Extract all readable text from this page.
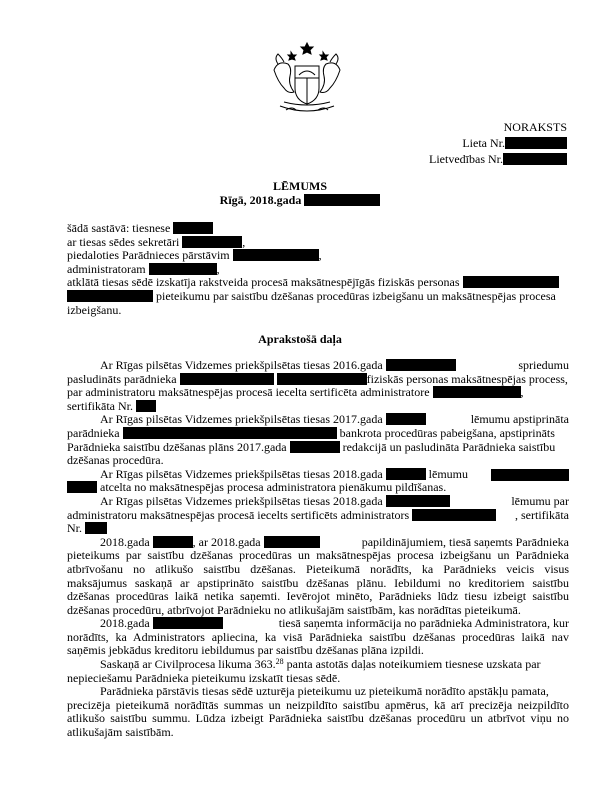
NORAKSTS
Lieta Nr.
Lietvedības Nr.
LĒMUMS
Rīgā, 2018.gada
šādā sastāvā: tiesnese
ar tiesas sēdes sekretāri	,
piedaloties Parādnieces pārstāvim	,
administratoram	,
atklātā tiesas sēdē izskatīja rakstveida procesā maksātnespējīgās fiziskās personas
pieteikumu par saistību dzēšanas procedūras izbeigšanu un maksātnespējas procesa
izbeigšanu.
Aprakstošā daļa
Ar Rīgas pilsētas Vidzemes priekšpilsētas tiesas 2016.gada	spriedumu
pasludināts parādnieka	fiziskās personas maksātnespējas process,
par administratoru maksātnespējas procesā iecelta sertificēta administratore	,
sertifikāta Nr.
Ar Rīgas pilsētas Vidzemes priekšpilsētas tiesas 2017.gada	lēmumu apstiprināta
parādnieka	bankrota procedūras pabeigšana, apstiprināts
Parādnieka saistību dzēšanas plāns 2017.gada	redakcijā un pasludināta Parādnieka saistību
dzēšanas procedūra.
Ar Rīgas pilsētas Vidzemes priekšpilsētas tiesas 2018.gada	lēmumu
atcelta no maksātnespējas procesa administratora pienākumu pildīšanas.
Ar Rīgas pilsētas Vidzemes priekšpilsētas tiesas 2018.gada	lēmumu par
administratoru maksātnespējas procesā iecelts sertificēts administrators	, sertifikāta
Nr.
2018.gada	, ar 2018.gada	papildinājumiem, tiesā saņemts Parādnieka
pieteikums par saistību dzēšanas procedūras un maksātnespējas procesa izbeigšanu un Parādnieka
atbrīvošanu no atlikušo saistību dzēšanas. Pieteikumā norādīts, ka Parādnieks veicis visus
maksājumus saskaņā ar apstiprināto saistību dzēšanas plānu. Iebildumi no kreditoriem saistību
dzēšanas procedūras laikā netika saņemti. Ievērojot minēto, Parādnieks lūdz tiesu izbeigt saistību
dzēšanas procedūru, atbrīvojot Parādnieku no atlikušajām saistībām, kas norādītas pieteikumā.
2018.gada	tiesā saņemta informācija no parādnieka Administratora, kur
norādīts, ka Administrators apliecina, ka visā Parādnieka saistību dzēšanas procedūras laikā nav
saņēmis jebkādus kreditoru iebildumus par saistību dzēšanas plāna izpildi.
Saskaņā ar Civilprocesa likuma 363.28 panta astotās daļas noteikumiem tiesnese uzskata par
nepieciešamu Parādnieka pieteikumu izskatīt tiesas sēdē.
Parādnieka pārstāvis tiesas sēdē uzturēja pieteikumu uz pieteikumā norādīto apstākļu pamata,
precizēja pieteikumā norādītās summas un neizpildīto saistību apmērus, kā arī precizēja neizpildīto
atlikušo saistību summu. Lūdza izbeigt Parādnieka saistību dzēšanas procedūru un atbrīvot viņu no
atlikušajām saistībām.
